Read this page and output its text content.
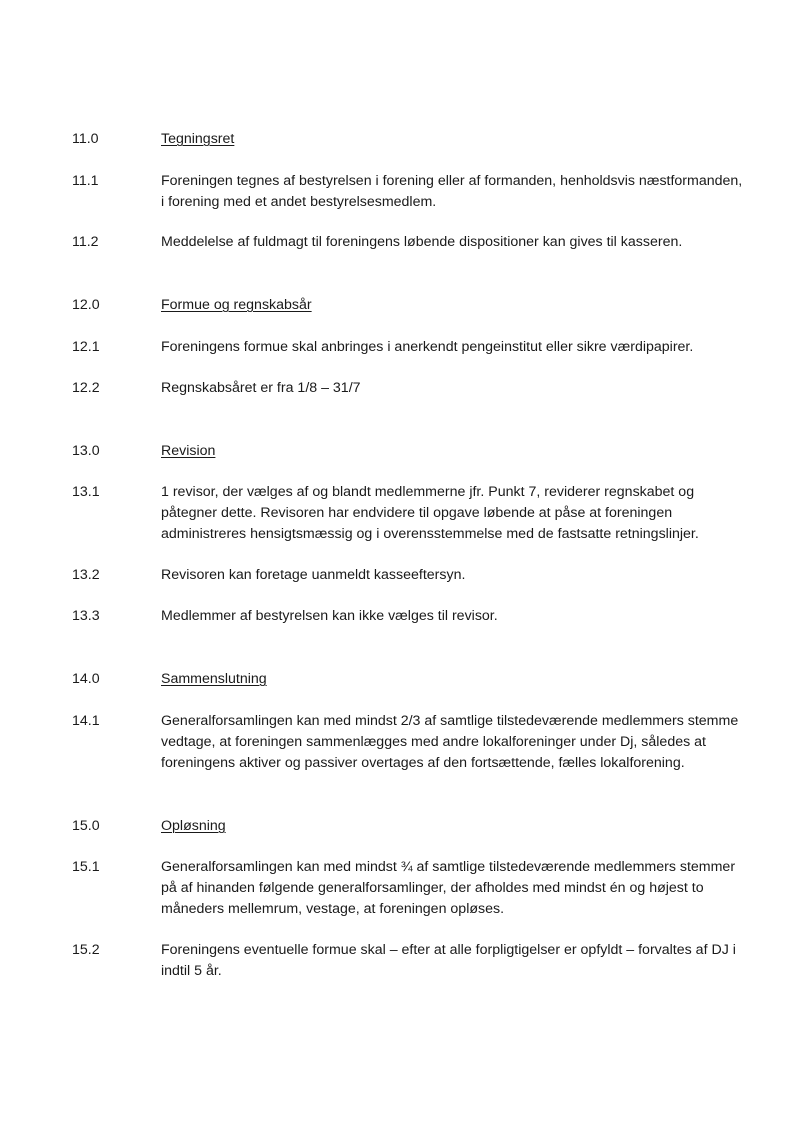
11.0	Tegningsret
11.1	Foreningen tegnes af bestyrelsen i forening eller af formanden, henholdsvis næstformanden,
i forening med et andet bestyrelsesmedlem.
11.2	Meddelelse af fuldmagt til foreningens løbende dispositioner kan gives til kasseren.
12.0	Formue og regnskabsår
12.1	Foreningens formue skal anbringes i anerkendt pengeinstitut eller sikre værdipapirer.
12.2	Regnskabsåret er fra 1/8 – 31/7
13.0	Revision
13.1	1 revisor, der vælges af og blandt medlemmerne jfr. Punkt 7, reviderer regnskabet og
påtegner dette. Revisoren har endvidere til opgave løbende at påse at foreningen
administreres hensigtsmæssig og i overensstemmelse med de fastsatte retningslinjer.
13.2	Revisoren kan foretage uanmeldt kasseeftersyn.
13.3	Medlemmer af bestyrelsen kan ikke vælges til revisor.
14.0	Sammenslutning
14.1	Generalforsamlingen kan med mindst 2/3 af samtlige tilstedeværende medlemmers stemme
vedtage, at foreningen sammenlægges med andre lokalforeninger under Dj, således at
foreningens aktiver og passiver overtages af den fortsættende, fælles lokalforening.
15.0	Opløsning
15.1	Generalforsamlingen kan med mindst ¾ af samtlige tilstedeværende medlemmers stemmer
på af hinanden følgende generalforsamlinger, der afholdes med mindst én og højest to
måneders mellemrum, vestage, at foreningen opløses.
15.2	Foreningens eventuelle formue skal – efter at alle forpligtigelser er opfyldt – forvaltes af DJ i
indtil 5 år.
